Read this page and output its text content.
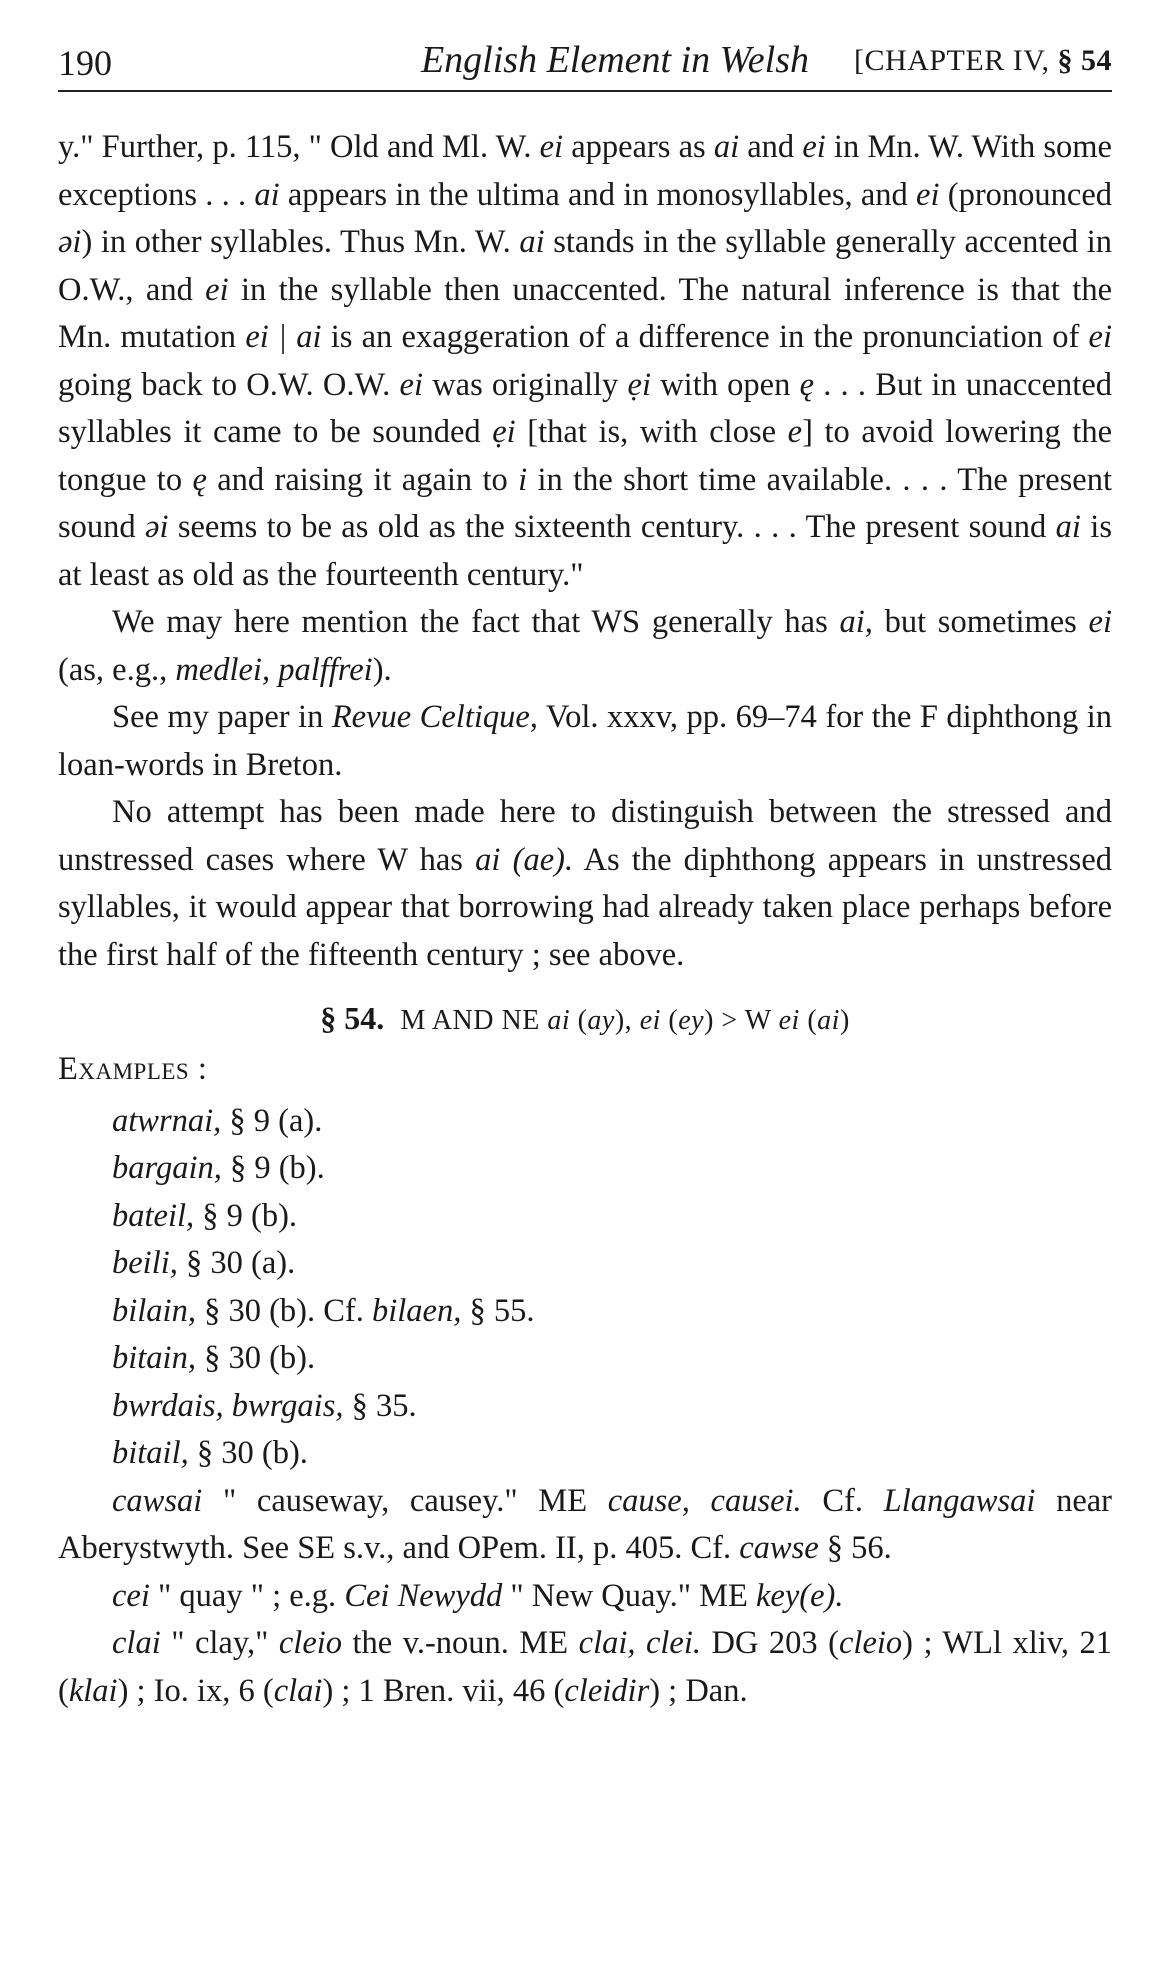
190	English Element in Welsh	[CHAPTER IV, § 54

y." Further, p. 115, " Old and Ml. W. ei appears as ai and ei in Mn. W. With some exceptions . . . ai appears in the ultima and in monosyllables, and ei (pronounced əi) in other syllables. Thus Mn. W. ai stands in the syllable generally accented in O.W., and ei in the syllable then unaccented. The natural inference is that the Mn. mutation ei | ai is an exaggeration of a difference in the pronunciation of ei going back to O.W. O.W. ei was originally ẹi with open ę . . . But in unaccented syllables it came to be sounded ẹi [that is, with close e] to avoid lowering the tongue to ę and raising it again to i in the short time available. . . . The present sound əi seems to be as old as the sixteenth century. . . . The present sound ai is at least as old as the fourteenth century."

We may here mention the fact that WS generally has ai, but sometimes ei (as, e.g., medlei, palffrei).

See my paper in Revue Celtique, Vol. xxxv, pp. 69–74 for the F diphthong in loan-words in Breton.

No attempt has been made here to distinguish between the stressed and unstressed cases where W has ai (ae). As the diphthong appears in unstressed syllables, it would appear that borrowing had already taken place perhaps before the first half of the fifteenth century ; see above.

§ 54. M AND NE ai (ay), ei (ey) > W ei (ai)

Examples :

atwrnai, § 9 (a).
bargain, § 9 (b).
bateil, § 9 (b).
beili, § 30 (a).
bilain, § 30 (b). Cf. bilaen, § 55.
bitain, § 30 (b).
bwrdais, bwrgais, § 35.
bitail, § 30 (b).

cawsai " causeway, causey." ME cause, causei. Cf. Llangawsai near Aberystwyth. See SE s.v., and OPem. II, p. 405. Cf. cawse § 56.

cei " quay " ; e.g. Cei Newydd " New Quay." ME key(e).

clai " clay," cleio the v.-noun. ME clai, clei. DG 203 (cleio) ; WLl xliv, 21 (klai) ; Io. ix, 6 (clai) ; 1 Bren. vii, 46 (cleidir) ; Dan.
